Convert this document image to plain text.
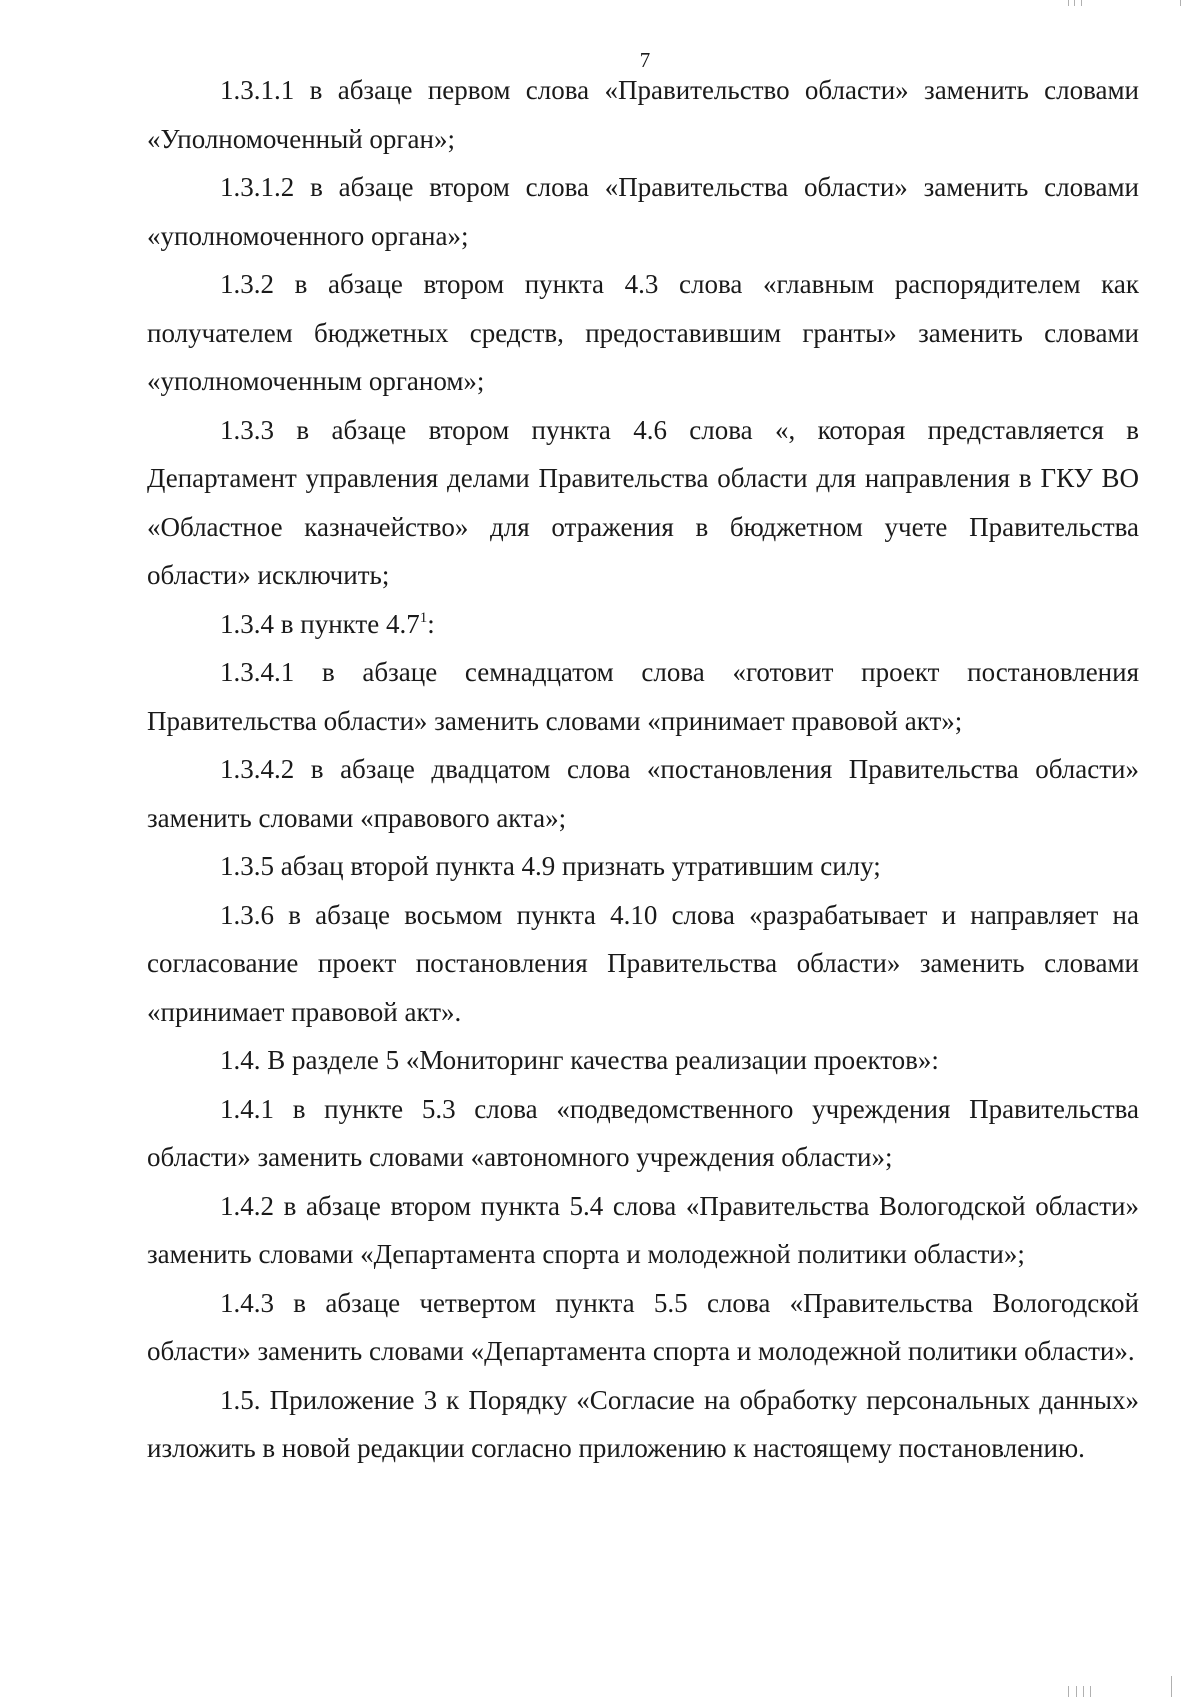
7

1.3.1.1 в абзаце первом слова «Правительство области» заменить словами «Уполномоченный орган»;

1.3.1.2 в абзаце втором слова «Правительства области» заменить словами «уполномоченного органа»;

1.3.2 в абзаце втором пункта 4.3 слова «главным распорядителем как получателем бюджетных средств, предоставившим гранты» заменить словами «уполномоченным органом»;

1.3.3 в абзаце втором пункта 4.6 слова «, которая представляется в Департамент управления делами Правительства области для направления в ГКУ ВО «Областное казначейство» для отражения в бюджетном учете Правительства области» исключить;

1.3.4 в пункте $4.7^1$:

1.3.4.1 в абзаце семнадцатом слова «готовит проект постановления Правительства области» заменить словами «принимает правовой акт»;

1.3.4.2 в абзаце двадцатом слова «постановления Правительства области» заменить словами «правового акта»;

1.3.5 абзац второй пункта 4.9 признать утратившим силу;

1.3.6 в абзаце восьмом пункта 4.10 слова «разрабатывает и направляет на согласование проект постановления Правительства области» заменить словами «принимает правовой акт».

1.4. В разделе 5 «Мониторинг качества реализации проектов»:

1.4.1 в пункте 5.3 слова «подведомственного учреждения Правительства области» заменить словами «автономного учреждения области»;

1.4.2 в абзаце втором пункта 5.4 слова «Правительства Вологодской области» заменить словами «Департамента спорта и молодежной политики области»;

1.4.3 в абзаце четвертом пункта 5.5 слова «Правительства Вологодской области» заменить словами «Департамента спорта и молодежной политики области».

1.5. Приложение 3 к Порядку «Согласие на обработку персональных данных» изложить в новой редакции согласно приложению к настоящему постановлению.
